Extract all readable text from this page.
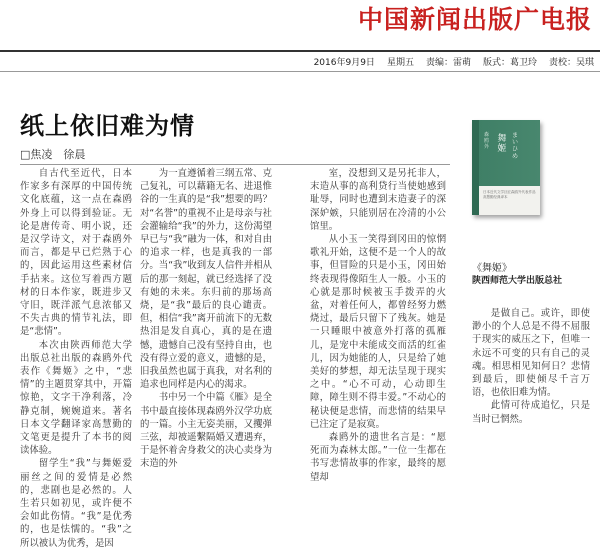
中国新闻出版广电报
2016年9月9日 星期五 责编：雷萌 版式：葛卫玲 责校：吴琪
纸上依旧难为情
□焦凌　徐晨

自古代至近代，日本作家多有深厚的中国传统文化底蕴，这一点在森鸥外身上可以得到验证。无论是唐传奇、明小说，还是汉学诗文，对于森鸥外而言，都是早已烂熟于心的，因此运用这些素材信手拈来。这位写着西方题材的日本作家，既进步又守旧，既洋派气息浓郁又不失古典的情节礼法，即是“悲情”。

本次由陕西师范大学出版总社出版的森鸥外代表作《舞姬》之中，“悲情”的主题贯穿其中，开篇惊艳，文字干净利落，冷静克制，婉婉道来。著名日本文学翻译家高慧勤的文笔更是提升了本书的阅读体验。

留学生“我”与舞姬爱丽丝之间的爱情是必然的，悲剧也是必然的。人生若只如初见，或许便不会如此伤情。“我”是优秀的，也是怯懦的。“我”之所以被认为优秀，是因

为一直遵循着三纲五常、克己复礼，可以藉籍无名、进退惟谷的一生真的是“我”想要的吗？对“名誉”的重视不止是母亲与社会灌输给“我”的外力，这份渴望早已与“我”融为一体，和对自由的追求一样，也是真我的一部分。当“我”收到友人信件并相从后的那一刻起，就已经选择了没有她的未来。东归前的那场高烧，是“我”最后的良心谴责。但，相信“我”离开前流下的无数热泪是发自真心，真的是在遗憾，遗憾自己没有坚持自由，也没有得立爱的意义，遗憾的是，旧我虽然也属于真我，对名利的追求也同样是内心的渴求。

书中另一个中篇《雁》是全书中最直接体现森鸥外汉学功底的一篇。小主无姿美丽，又攫弹三弦，却被遥繫隔婚又遭遇弃，于是怀着舍身救父的决心卖身为末造的外

室，没想到又是另托非人，末造从事的高利贷行当使她感到耻辱，同时也遭到末造妻子的深深妒嫉，只能别居在冷清的小公馆里。

从小玉一笑得到冈田的惊惘歌礼开始，这便不是一个人的故事，但冒险的只是小玉，冈田始终表现得像陌生人一般。小玉的心就是那时候被玉手拨弄的火盆，对着任何人，都曾经努力燃烧过，最后只留下了残灰。她是一只睡眼中被意外打落的孤雁儿，是宠中未能成交而活的红雀儿，因为她能的人，只是给了她美好的梦想，却无法呈现于现实之中。“心不可动，心动即生障，障生则不得丰爱。”不动心的秘诀便是悲情，而悲情的结果早已注定了是寂寞。

森鸥外的遗世名言是：“愿死而为森林太郎。”一位一生都在书写悲情故事的作家，最终的愿望却

森鸥外
舞姬
まいひめ
日本近代文学巨匠森鸥外代表作品 高慧勤经典译本
《舞姬》
陕西师范大学出版总社

是做自己。或许，即使渺小的个人总是不得不屈服于现实的威压之下，但唯一永远不可变的只有自己的灵魂。相思相见知何日？悲情到最后，即使倾尽千言万语，也依旧难为情。

此情可待成追忆，只是当时已惘然。
